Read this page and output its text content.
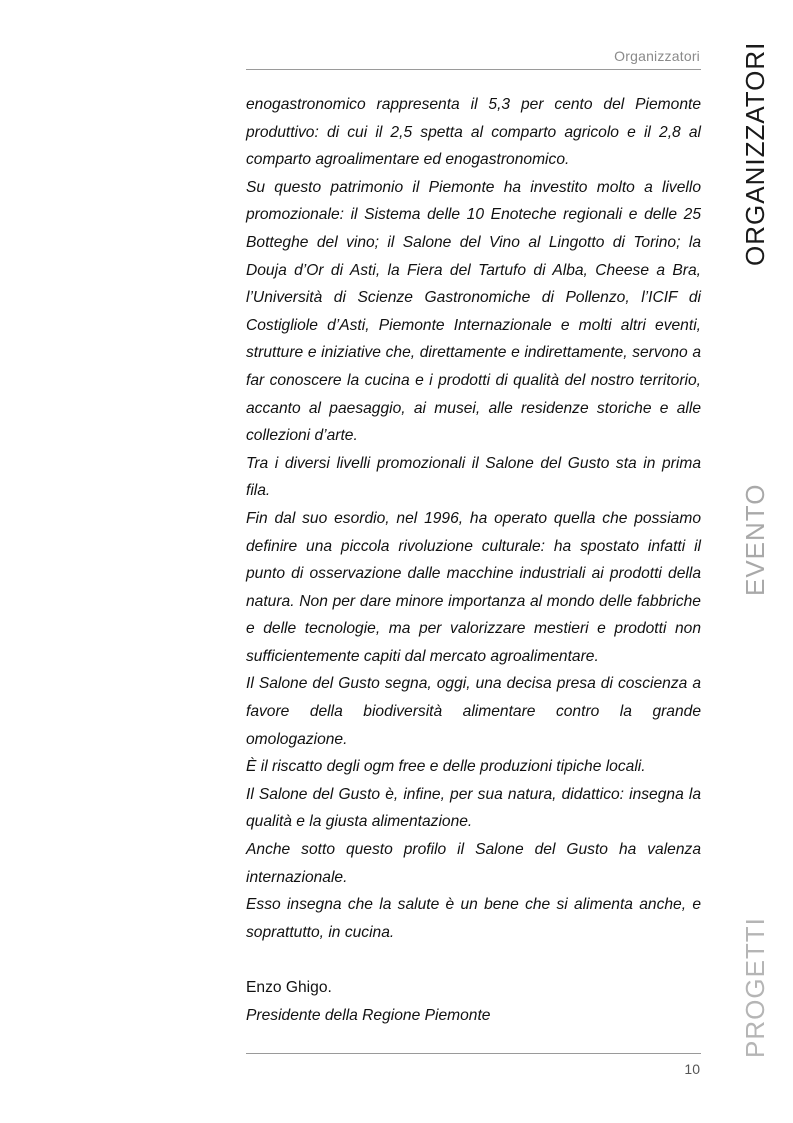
Organizzatori

enogastronomico rappresenta il 5,3 per cento del Piemonte produttivo: di cui il 2,5 spetta al comparto agricolo e il 2,8 al comparto agroalimentare ed enogastronomico.

Su questo patrimonio il Piemonte ha investito molto a livello promozionale: il Sistema delle 10 Enoteche regionali e delle 25 Botteghe del vino; il Salone del Vino al Lingotto di Torino; la Douja d’Or di Asti, la Fiera del Tartufo di Alba, Cheese a Bra, l’Università di Scienze Gastronomiche di Pollenzo, l’ICIF di Costigliole d’Asti, Piemonte Internazionale e molti altri eventi, strutture e iniziative che, direttamente e indirettamente, servono a far conoscere la cucina e i prodotti di qualità del nostro territorio, accanto al paesaggio, ai musei, alle residenze storiche e alle collezioni d’arte.

Tra i diversi livelli promozionali il Salone del Gusto sta in prima fila.

Fin dal suo esordio, nel 1996, ha operato quella che possiamo definire una piccola rivoluzione culturale: ha spostato infatti il punto di osservazione dalle macchine industriali ai prodotti della natura. Non per dare minore importanza al mondo delle fabbriche e delle tecnologie, ma per valorizzare mestieri e prodotti non sufficientemente capiti dal mercato agroalimentare.

Il Salone del Gusto segna, oggi, una decisa presa di coscienza a favore della biodiversità alimentare contro la grande omologazione.

È il riscatto degli ogm free e delle produzioni tipiche locali.

Il Salone del Gusto è, infine, per sua natura, didattico: insegna la qualità e la giusta alimentazione.

Anche sotto questo profilo il Salone del Gusto ha valenza internazionale.

Esso insegna che la salute è un bene che si alimenta anche, e soprattutto, in cucina.

Enzo Ghigo.
Presidente della Regione Piemonte
10
ORGANIZZATORI
EVENTO
PROGETTI
